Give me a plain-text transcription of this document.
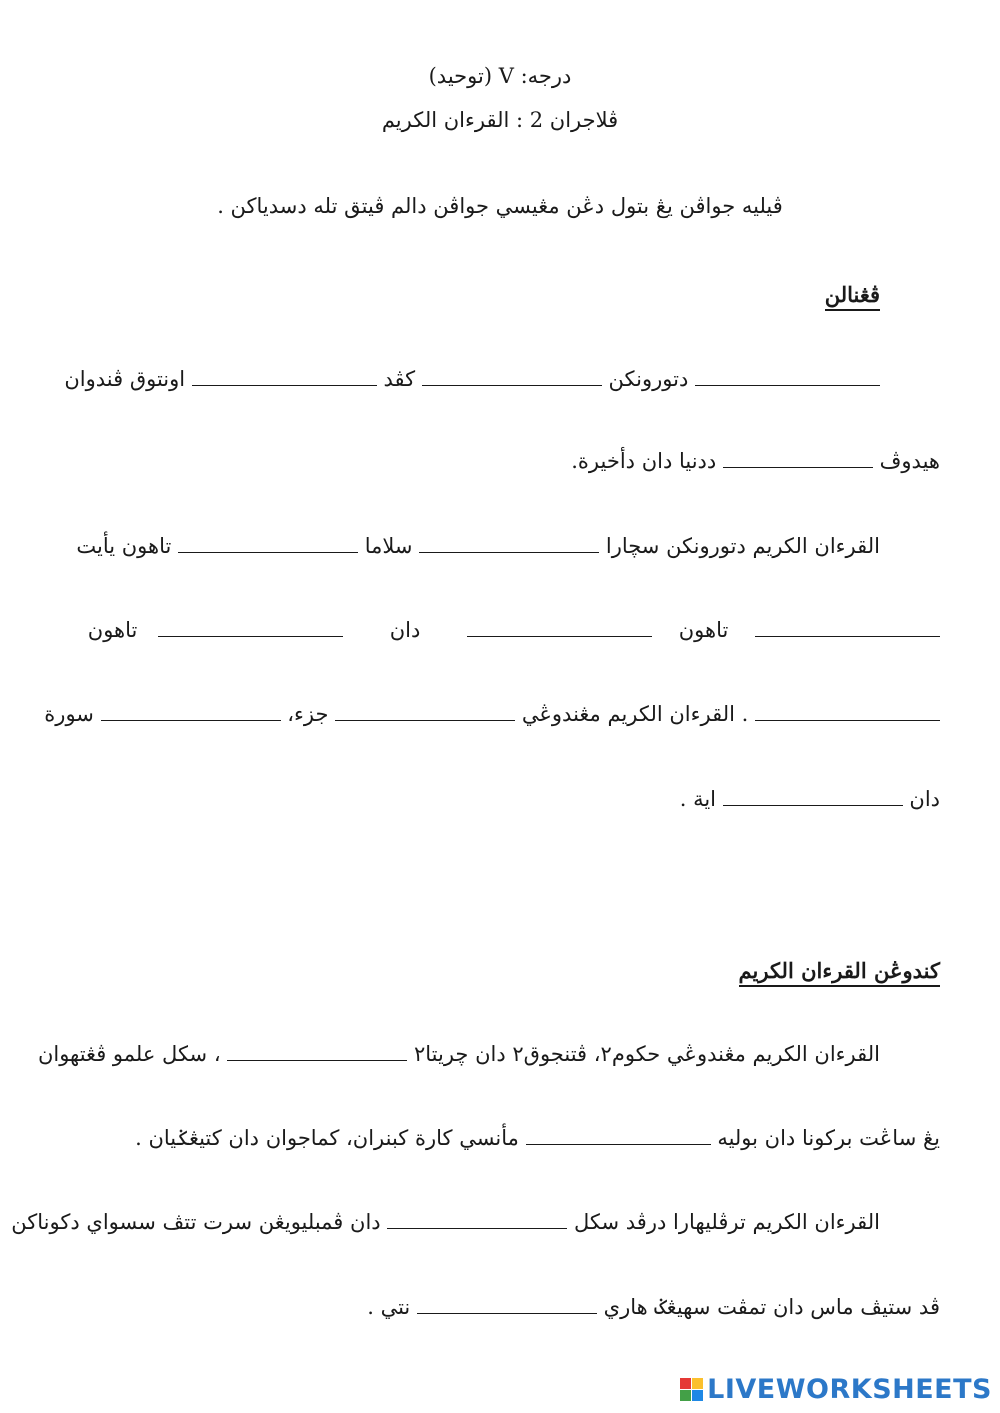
درجه: V (توحيد)
ڤلاجران 2 : القرءان الكريم
ڤيليه جواڤن يڠ بتول دڠن مڠيسي جواڤن دالم ڤيتق تله دسدياکن .
ڤڠنالن
دتورونکن  کڤد  اونتوق ڤندوان
هيدوڤ  ددنيا دان دأخيرة.
القرءان الكريم دتورونکن سچارا  سلاما  تاهون يأيت
تاهون  دان  تاهون
. القرءان الكريم مڠندوڠي  جزء،  سورة
دان  اية .
کندوڠن القرءان الكريم
القرءان الكريم مڠندوڠي حکوم٢، ڤتنجوق٢ دان چريتا٢  ، سکل علمو ڤڠتهوان
يڠ ساڠت برکونا دان بوليه  مأنسي کارة کبنران، کماجوان دان کتيڠݢيان .
القرءان الكريم ترڤليهارا درڤد سکل  دان ڤمبليويڠن سرت تتڤ سسواي دکوناکن
ڤد ستيڤ ماس دان تمڤت سهيڠݢ هاري  نتي .
LIVEWORKSHEETS
